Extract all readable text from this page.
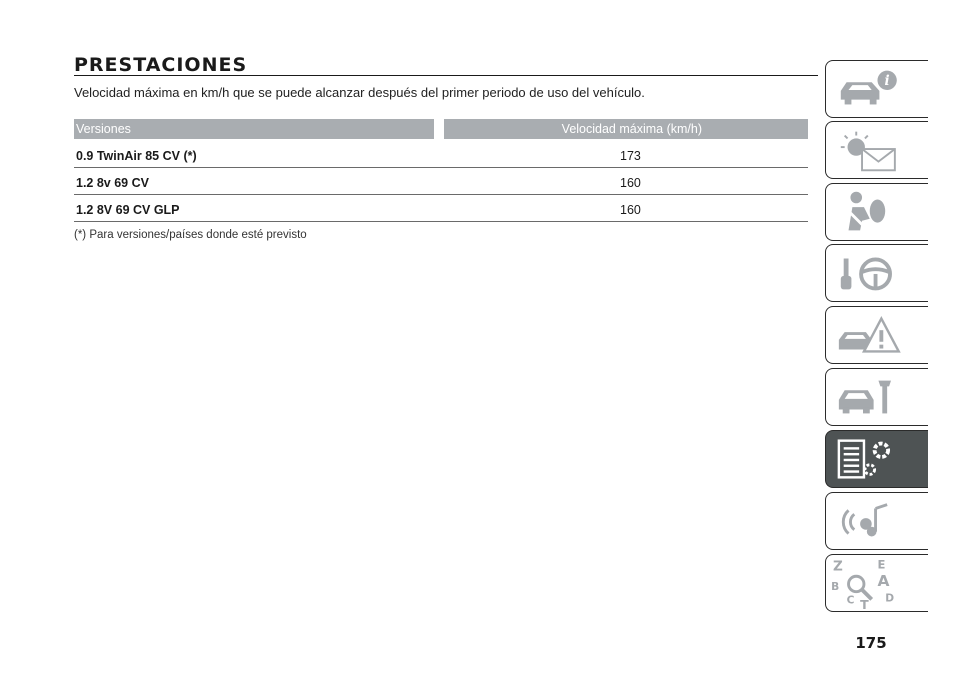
PRESTACIONES

Velocidad máxima en km/h que se puede alcanzar después del primer periodo de uso del vehículo.

Versiones	Velocidad máxima (km/h)
0.9 TwinAir 85 CV (*)	173
1.2 8v 69 CV	160
1.2 8V 69 CV GLP	160
(*) Para versiones/países donde esté previsto
i
Z	E
A
B
C T D
175
